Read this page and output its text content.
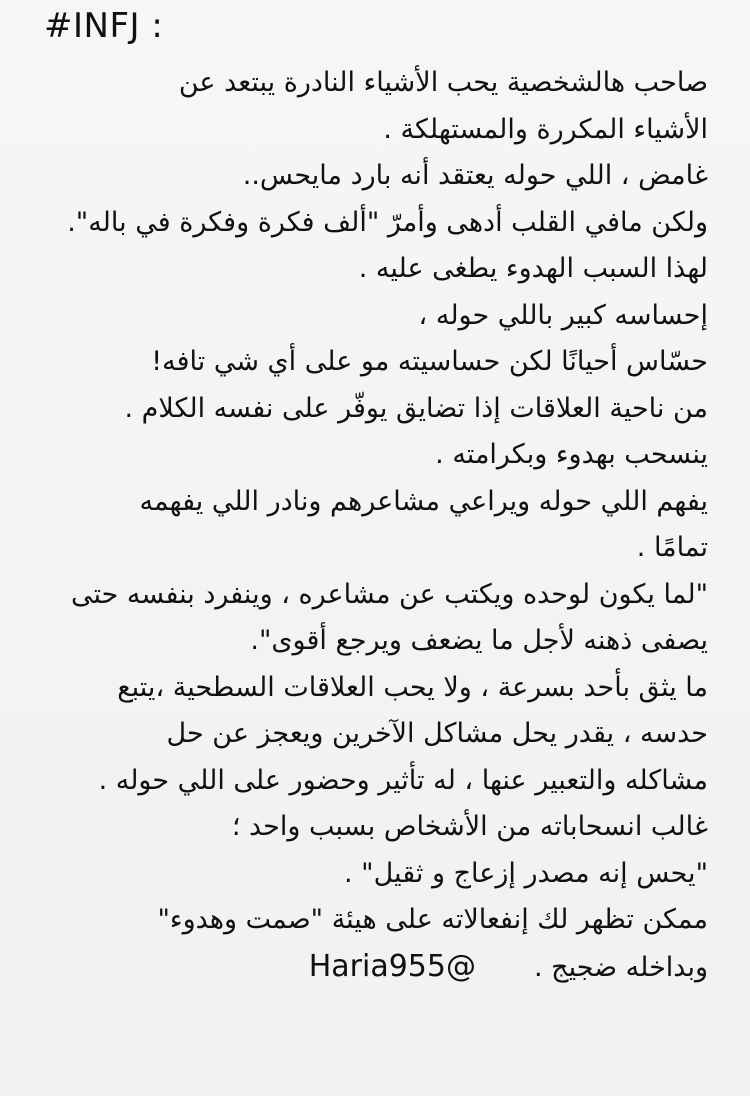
#INFJ :
صاحب هالشخصية يحب الأشياء النادرة يبتعد عن
الأشياء المكررة والمستهلكة .
غامض ، اللي حوله يعتقد أنه بارد مايحس..
ولكن مافي القلب أدهى وأمرّ "ألف فكرة وفكرة في باله".
لهذا السبب الهدوء يطغى عليه .
إحساسه كبير باللي حوله ،
حسّاس أحيانًا لكن حساسيته مو على أي شي تافه!
من ناحية العلاقات إذا تضايق يوفّر على نفسه الكلام .
ينسحب بهدوء وبكرامته .
يفهم اللي حوله ويراعي مشاعرهم ونادر اللي يفهمه
تمامًا .
"لما يكون لوحده ويكتب عن مشاعره ، وينفرد بنفسه حتى
يصفى ذهنه لأجل ما يضعف ويرجع أقوى".
ما يثق بأحد بسرعة ، ولا يحب العلاقات السطحية ،يتبع
حدسه ، يقدر يحل مشاكل الآخرين ويعجز عن حل
مشاكله والتعبير عنها ، له تأثير وحضور على اللي حوله .
غالب انسحاباته من الأشخاص بسبب واحد ؛
"يحس إنه مصدر إزعاج و ثقيل" .
ممكن تظهر لك إنفعالاته على هيئة "صمت وهدوء"
وبداخله ضجيج .
Haria955@
